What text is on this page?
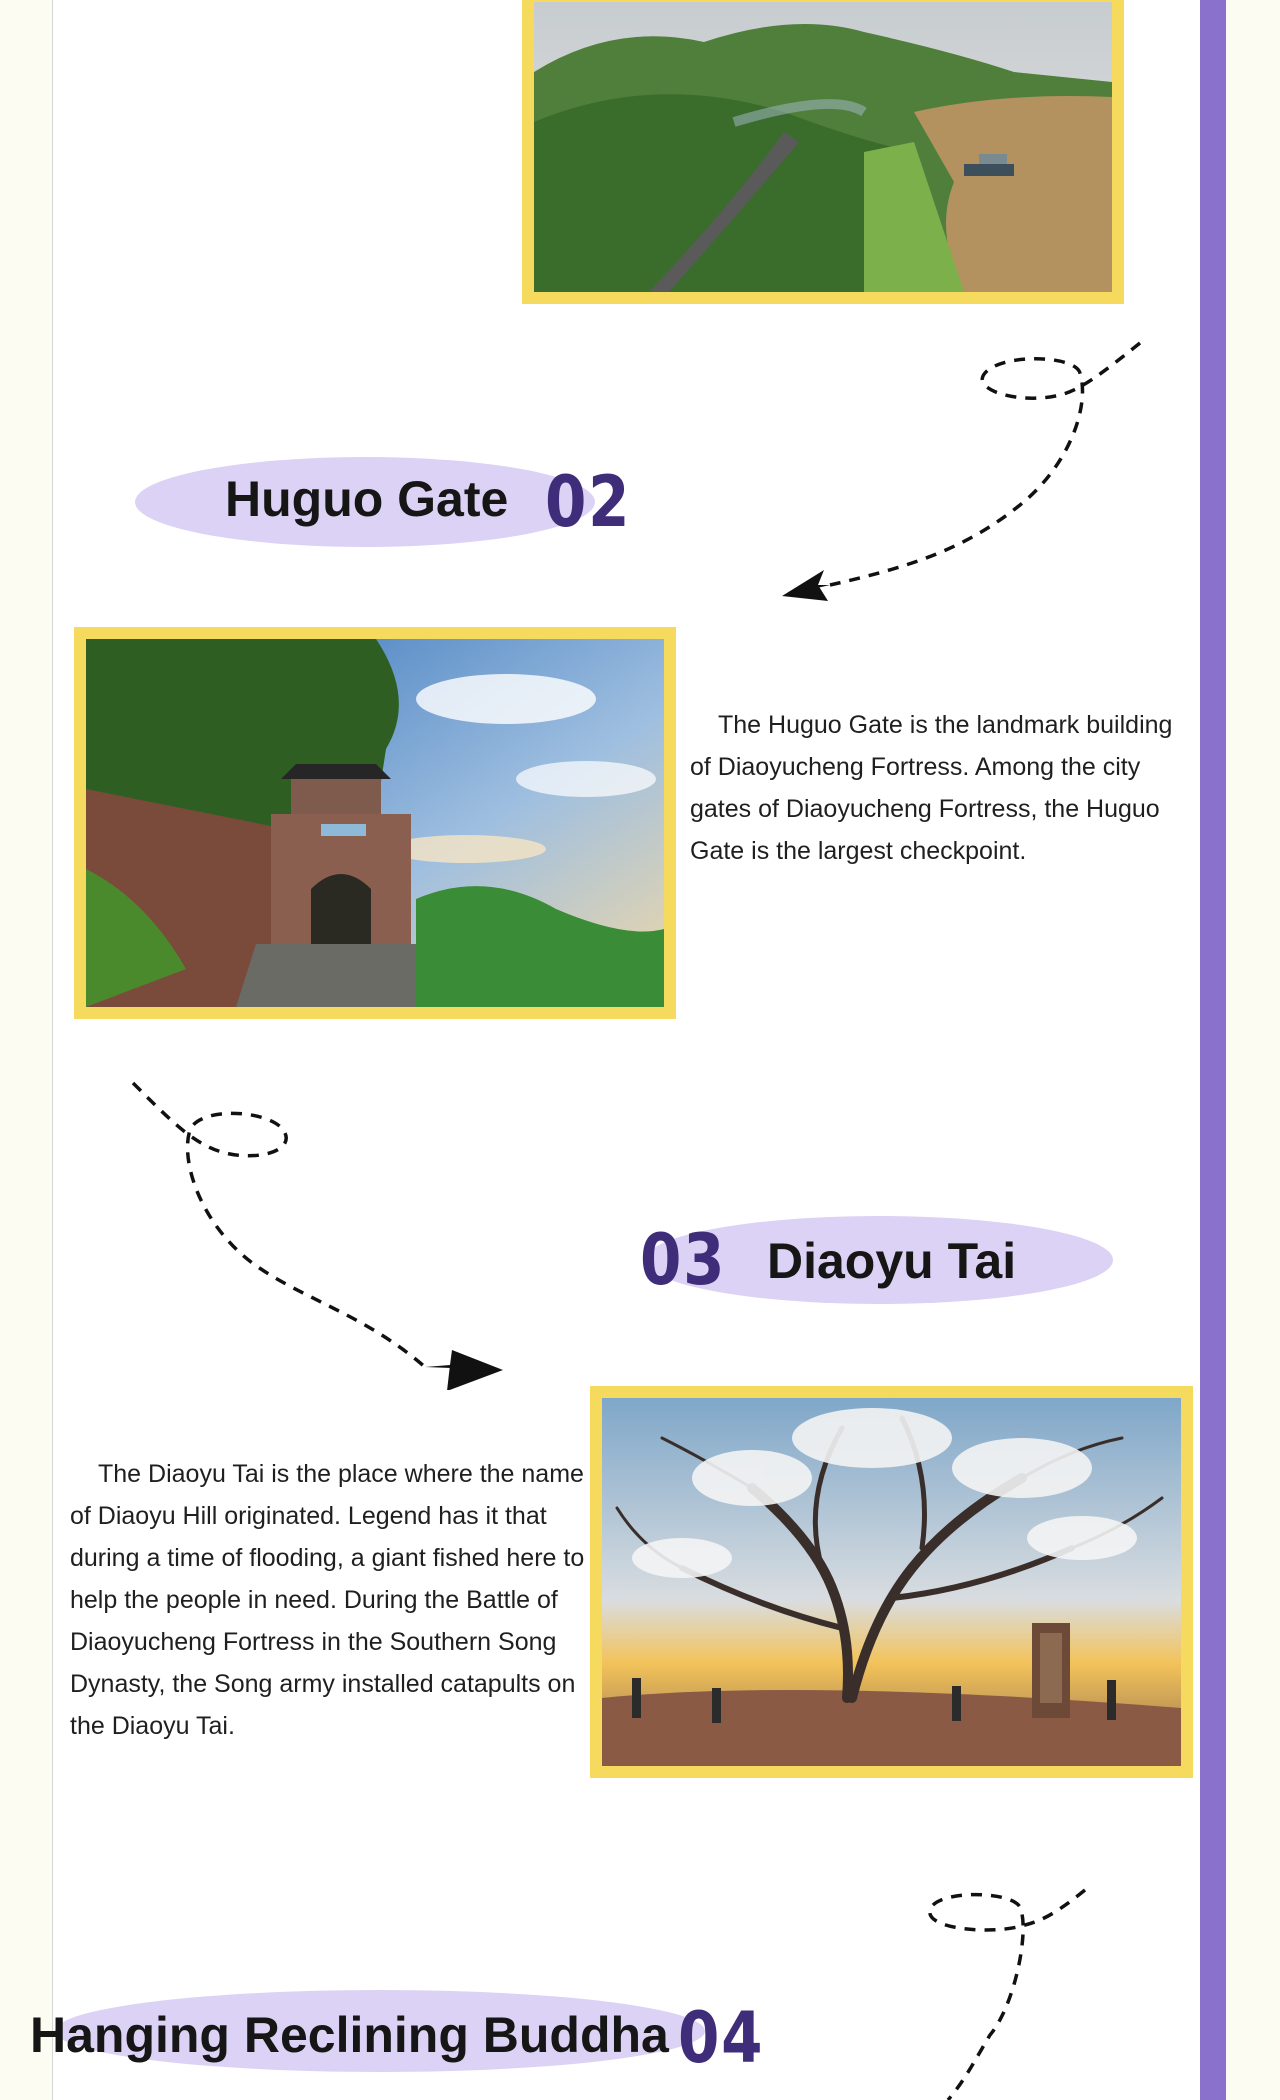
Huguo Gate 02
The Huguo Gate is the landmark building of Diaoyucheng Fortress. Among the city gates of Diaoyucheng Fortress, the Huguo Gate is the largest checkpoint.
03 Diaoyu Tai
The Diaoyu Tai is the place where the name of Diaoyu Hill originated. Legend has it that during a time of flooding, a giant fished here to help the people in need. During the Battle of Diaoyucheng Fortress in the Southern Song Dynasty, the Song army installed catapults on the Diaoyu Tai.
Hanging Reclining Buddha 04
